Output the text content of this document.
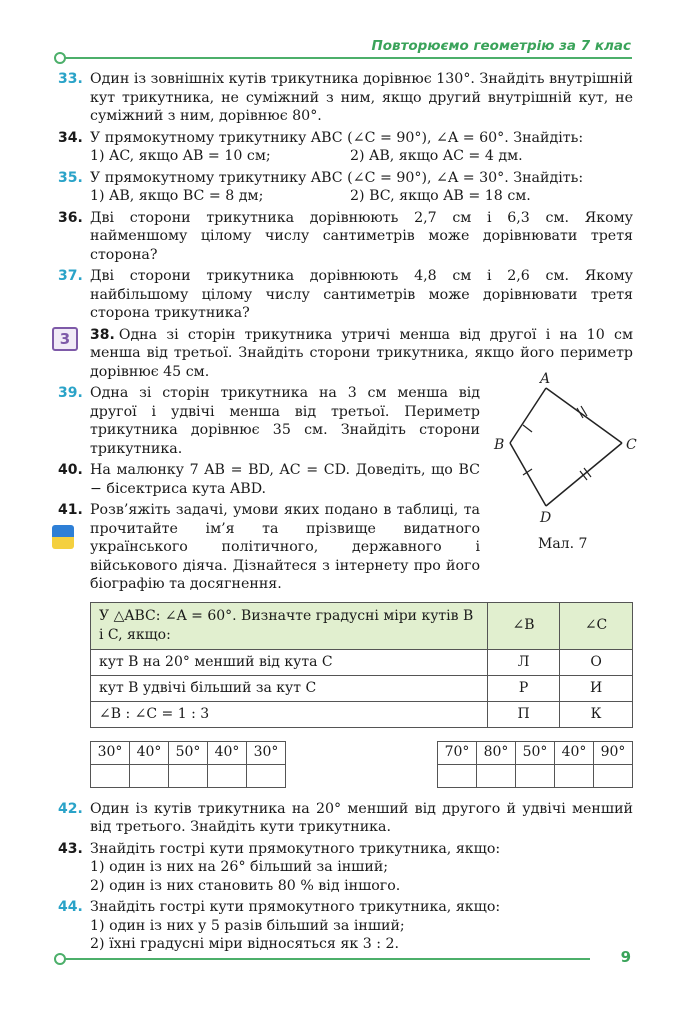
Повторюємо геометрію за 7 клас
33. Один із зовнішніх кутів трикутника дорівнює 130°. Знайдіть внутрішній кут трикутника, не суміжний з ним, якщо другий внутрішній кут, не суміжний з ним, дорівнює 80°.
34. У прямокутному трикутнику ABC (∠C = 90°), ∠A = 60°. Знайдіть:
1) AC, якщо AB = 10 см;	2) AB, якщо AC = 4 дм.
35. У прямокутному трикутнику ABC (∠C = 90°), ∠A = 30°. Знайдіть:
1) AB, якщо BC = 8 дм;	2) BC, якщо AB = 18 см.
36. Дві сторони трикутника дорівнюють 2,7 см і 6,3 см. Якому найменшому цілому числу сантиметрів може дорівнювати третя сторона?
37. Дві сторони трикутника дорівнюють 4,8 см і 2,6 см. Якому найбільшому цілому числу сантиметрів може дорівнювати третя сторона трикутника?
3	38. Одна зі сторін трикутника утричі менша від другої і на 10 см менша від третьої. Знайдіть сторони трикутника, якщо його периметр дорівнює 45 см.
39. Одна зі сторін трикутника на 3 см менша від другої і удвічі менша від третьої. Периметр трикутника дорівнює 35 см. Знайдіть сторони трикутника.
40. На малюнку 7 AB = BD, AC = CD. Доведіть, що BC − бісектриса кута ABD.
41. Розв’яжіть задачі, умови яких подано в таблиці, та прочитайте ім’я та прізвище видатного українського політичного, державного і військового діяча. Дізнайтеся з інтернету про його біографію та досягнення.
У △ABC: ∠A = 60°. Визначте градусні міри кутів B і C, якщо:	∠B	∠C
кут B на 20° менший від кута C	Л	О
кут B удвічі більший за кут C	Р	И
∠B : ∠C = 1 : 3	П	К
30°	40°	50°	40°	30°
					70°	80°	50°	40°	90°

42. Один із кутів трикутника на 20° менший від другого й удвічі менший від третього. Знайдіть кути трикутника.
43. Знайдіть гострі кути прямокутного трикутника, якщо:
1) один із них на 26° більший за інший;
2) один із них становить 80 % від іншого.
44. Знайдіть гострі кути прямокутного трикутника, якщо:
1) один із них у 5 разів більший за інший;
2) їхні градусні міри відносяться як 3 : 2.
A
B	C
D
Мал. 7
9
